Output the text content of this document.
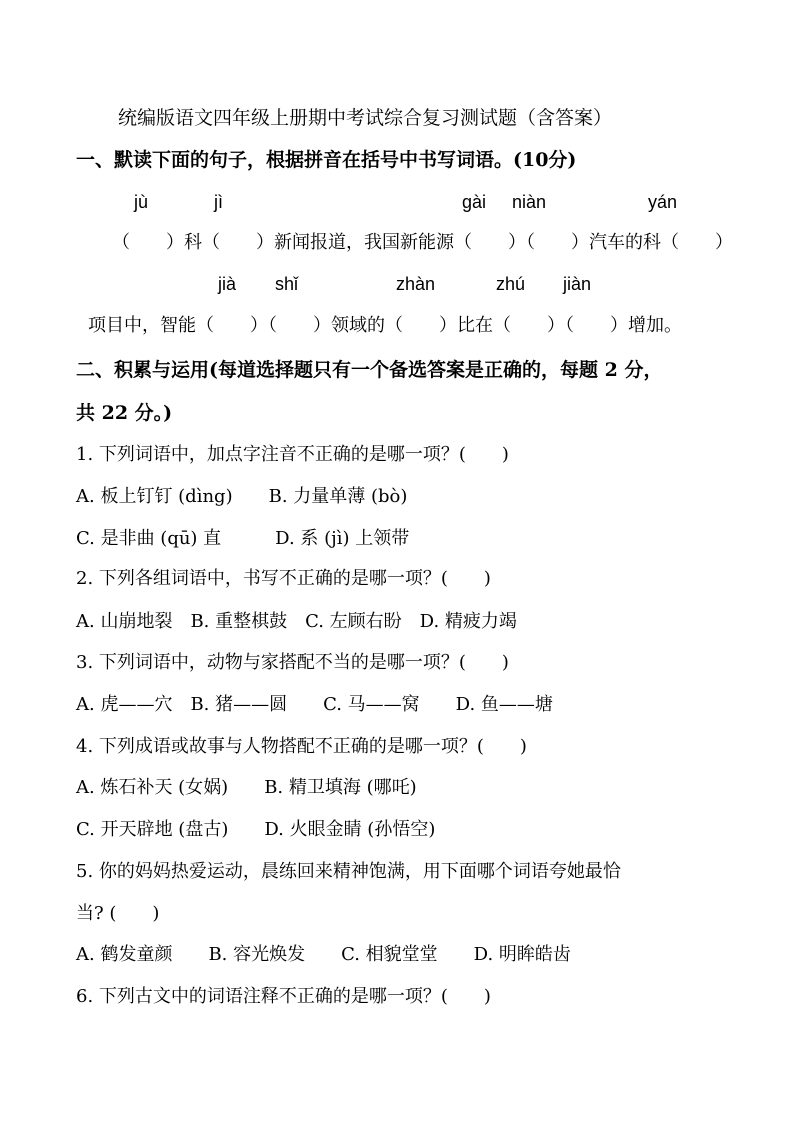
统编版语文四年级上册期中考试综合复习测试题（含答案）
一、默读下面的句子，根据拼音在括号中书写词语。(10分)
jù	jì	gài niàn	yán
（　　）科（　　）新闻报道，我国新能源（　　）（　　）汽车的科（　　）
jià shǐ	zhàn	zhú jiàn
项目中，智能（　　）（　　）领域的（　　）比在（　　）（　　）增加。
二、积累与运用(每道选择题只有一个备选答案是正确的，每题 2 分，
共 22 分。)
1. 下列词语中，加点字注音不正确的是哪一项？(　　)
A. 板上钉钉 (dìng)　　B. 力量单薄 (bò)
C. 是非曲 (qū) 直　　　D. 系 (jì) 上领带
2. 下列各组词语中，书写不正确的是哪一项？(　　)
A. 山崩地裂　B. 重整棋鼓　C. 左顾右盼　D. 精疲力竭
3. 下列词语中，动物与家搭配不当的是哪一项？(　　)
A. 虎——穴　B. 猪——圆　　C. 马——窝　　D. 鱼——塘
4. 下列成语或故事与人物搭配不正确的是哪一项？(　　)
A. 炼石补天 (女娲)　　B. 精卫填海 (哪吒)
C. 开天辟地 (盘古)　　D. 火眼金睛 (孙悟空)
5. 你的妈妈热爱运动，晨练回来精神饱满，用下面哪个词语夸她最恰
当? (　　)
A. 鹤发童颜　　B. 容光焕发　　C. 相貌堂堂　　D. 明眸皓齿
6. 下列古文中的词语注释不正确的是哪一项？(　　)
